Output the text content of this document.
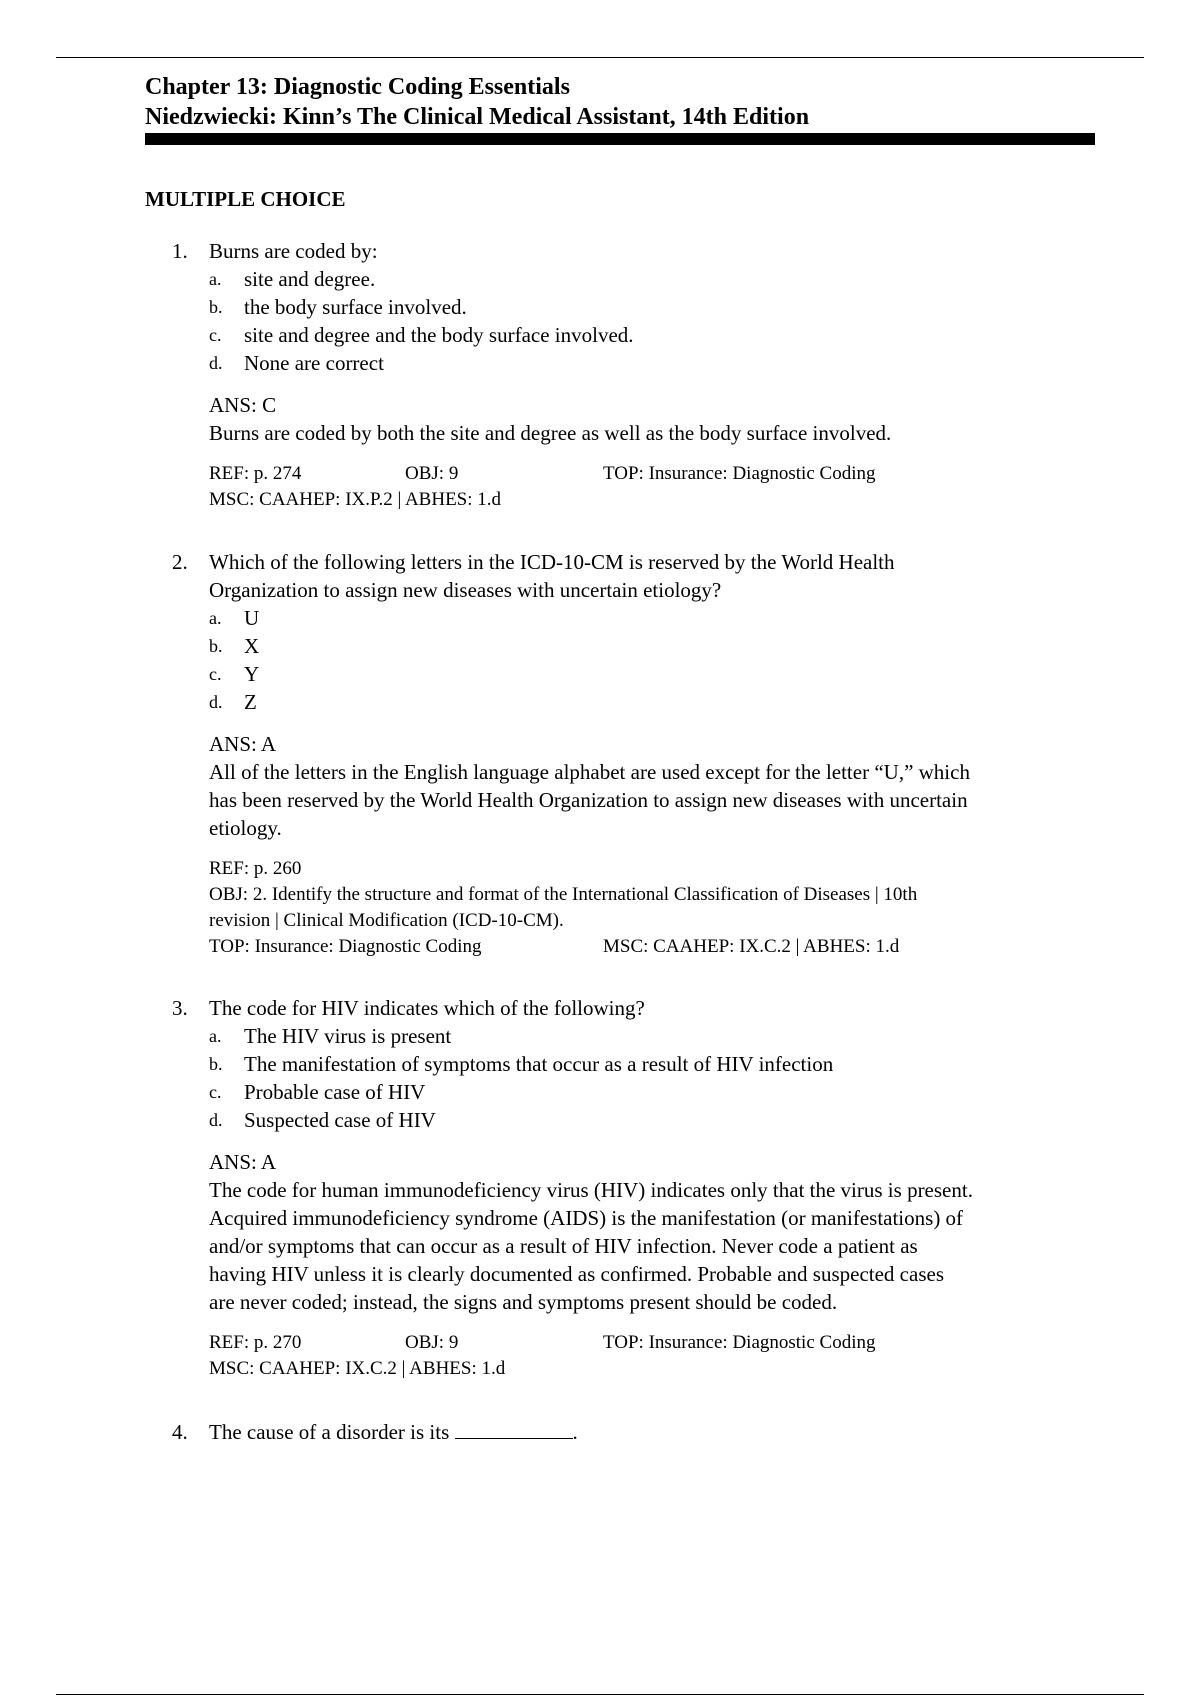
Chapter 13: Diagnostic Coding Essentials
Niedzwiecki: Kinn’s The Clinical Medical Assistant, 14th Edition
MULTIPLE CHOICE
1. Burns are coded by:
a. site and degree.
b. the body surface involved.
c. site and degree and the body surface involved.
d. None are correct
ANS: C
Burns are coded by both the site and degree as well as the body surface involved.
REF: p. 274	OBJ: 9	TOP: Insurance: Diagnostic Coding
MSC: CAAHEP: IX.P.2 | ABHES: 1.d
2. Which of the following letters in the ICD-10-CM is reserved by the World Health
Organization to assign new diseases with uncertain etiology?
a. U
b. X
c. Y
d. Z
ANS: A
All of the letters in the English language alphabet are used except for the letter “U,” which
has been reserved by the World Health Organization to assign new diseases with uncertain
etiology.
REF: p. 260
OBJ: 2. Identify the structure and format of the International Classification of Diseases | 10th
revision | Clinical Modification (ICD-10-CM).
TOP: Insurance: Diagnostic Coding	MSC: CAAHEP: IX.C.2 | ABHES: 1.d
3. The code for HIV indicates which of the following?
a. The HIV virus is present
b. The manifestation of symptoms that occur as a result of HIV infection
c. Probable case of HIV
d. Suspected case of HIV
ANS: A
The code for human immunodeficiency virus (HIV) indicates only that the virus is present.
Acquired immunodeficiency syndrome (AIDS) is the manifestation (or manifestations) of
and/or symptoms that can occur as a result of HIV infection. Never code a patient as
having HIV unless it is clearly documented as confirmed. Probable and suspected cases
are never coded; instead, the signs and symptoms present should be coded.
REF: p. 270	OBJ: 9	TOP: Insurance: Diagnostic Coding
MSC: CAAHEP: IX.C.2 | ABHES: 1.d
4. The cause of a disorder is its	.
